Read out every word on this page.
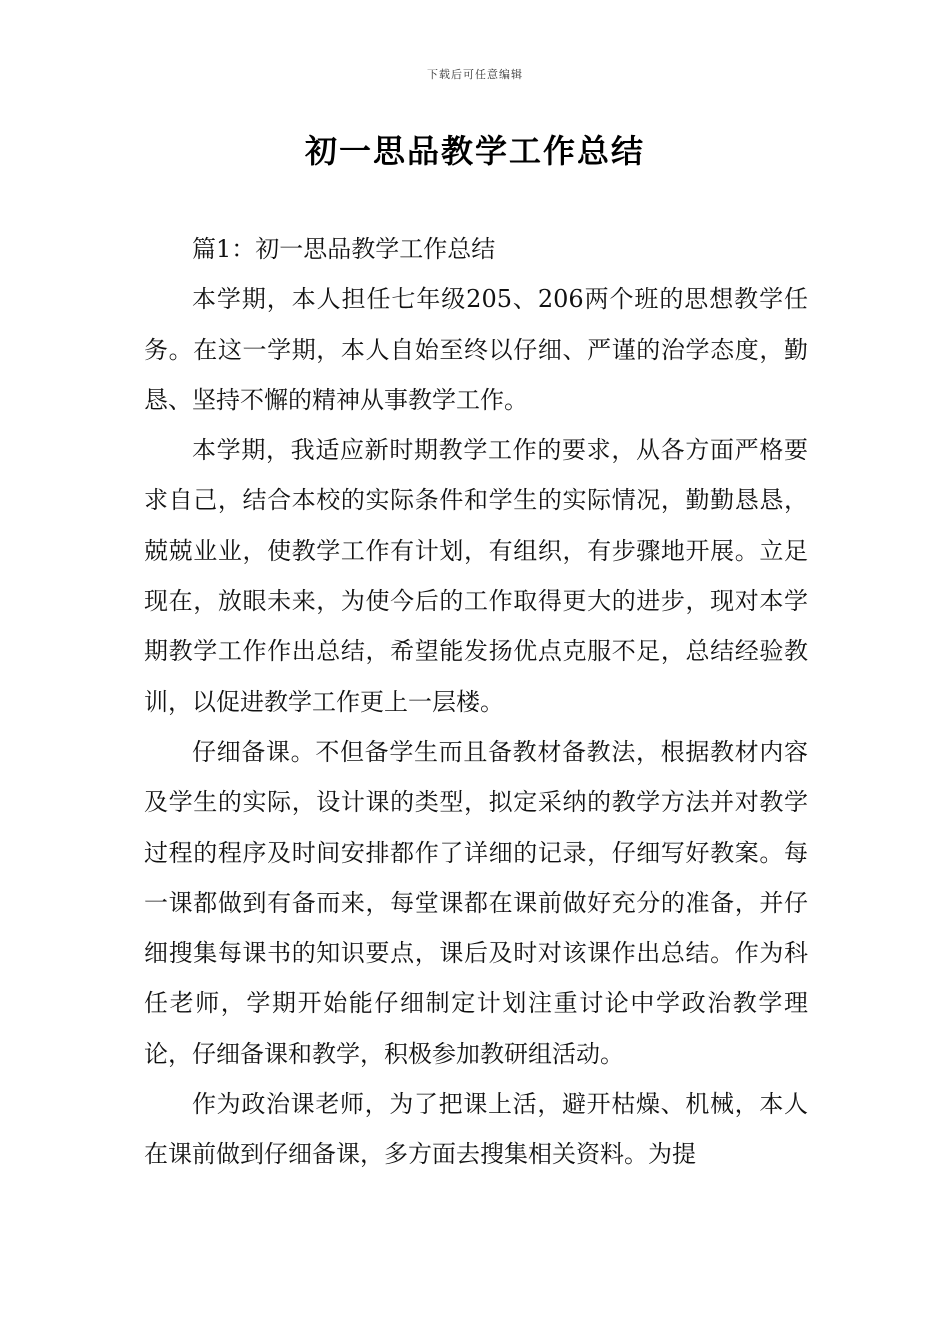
下载后可任意编辑
初一思品教学工作总结

篇1：初一思品教学工作总结

本学期，本人担任七年级205、206两个班的思想教学任务。在这一学期，本人自始至终以仔细、严谨的治学态度，勤恳、坚持不懈的精神从事教学工作。

本学期，我适应新时期教学工作的要求，从各方面严格要求自己，结合本校的实际条件和学生的实际情况，勤勤恳恳，兢兢业业，使教学工作有计划，有组织，有步骤地开展。立足现在，放眼未来，为使今后的工作取得更大的进步，现对本学期教学工作作出总结，希望能发扬优点克服不足，总结经验教训，以促进教学工作更上一层楼。

仔细备课。不但备学生而且备教材备教法，根据教材内容及学生的实际，设计课的类型，拟定采纳的教学方法并对教学过程的程序及时间安排都作了详细的记录，仔细写好教案。每一课都做到有备而来，每堂课都在课前做好充分的准备，并仔细搜集每课书的知识要点，课后及时对该课作出总结。作为科任老师，学期开始能仔细制定计划注重讨论中学政治教学理论，仔细备课和教学，积极参加教研组活动。

作为政治课老师，为了把课上活，避开枯燥、机械，本人在课前做到仔细备课，多方面去搜集相关资料。为提
